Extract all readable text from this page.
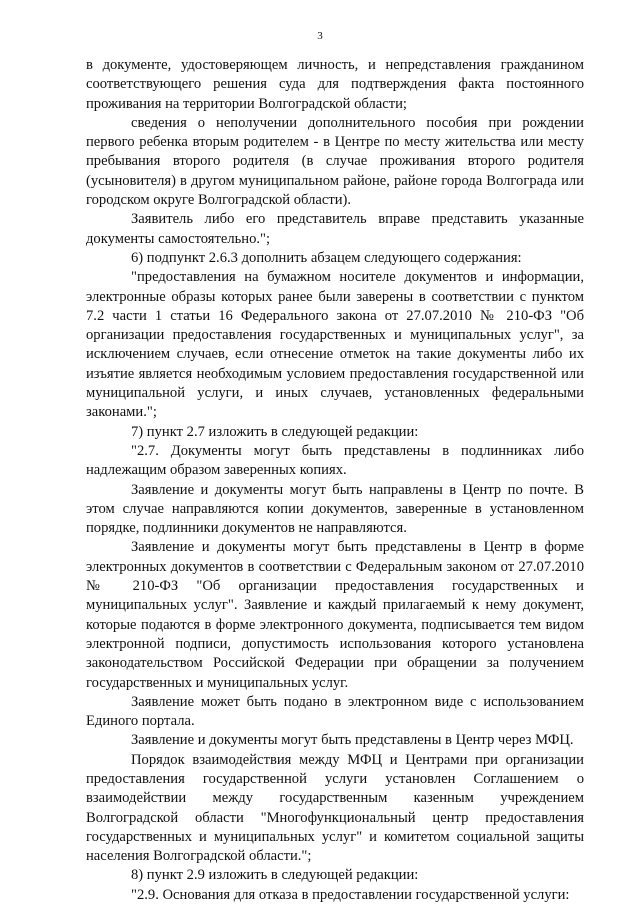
3

в документе, удостоверяющем личность, и непредставления гражданином соответствующего решения суда для подтверждения факта постоянного проживания на территории Волгоградской области;

сведения о неполучении дополнительного пособия при рождении первого ребенка вторым родителем - в Центре по месту жительства или месту пребывания второго родителя (в случае проживания второго родителя (усыновителя) в другом муниципальном районе, районе города Волгограда или городском округе Волгоградской области).

Заявитель либо его представитель вправе представить указанные документы самостоятельно.";

6) подпункт 2.6.3 дополнить абзацем следующего содержания:

"предоставления на бумажном носителе документов и информации, электронные образы которых ранее были заверены в соответствии с пунктом 7.2 части 1 статьи 16 Федерального закона от 27.07.2010 № 210-ФЗ "Об организации предоставления государственных и муниципальных услуг", за исключением случаев, если отнесение отметок на такие документы либо их изъятие является необходимым условием предоставления государственной или муниципальной услуги, и иных случаев, установленных федеральными законами.";

7) пункт 2.7 изложить в следующей редакции:

"2.7. Документы могут быть представлены в подлинниках либо надлежащим образом заверенных копиях.

Заявление и документы могут быть направлены в Центр по почте. В этом случае направляются копии документов, заверенные в установленном порядке, подлинники документов не направляются.

Заявление и документы могут быть представлены в Центр в форме электронных документов в соответствии с Федеральным законом от 27.07.2010 № 210-ФЗ "Об организации предоставления государственных и муниципальных услуг". Заявление и каждый прилагаемый к нему документ, которые подаются в форме электронного документа, подписывается тем видом электронной подписи, допустимость использования которого установлена законодательством Российской Федерации при обращении за получением государственных и муниципальных услуг.

Заявление может быть подано в электронном виде с использованием Единого портала.

Заявление и документы могут быть представлены в Центр через МФЦ.

Порядок взаимодействия между МФЦ и Центрами при организации предоставления государственной услуги установлен Соглашением о взаимодействии между государственным казенным учреждением Волгоградской области "Многофункциональный центр предоставления государственных и муниципальных услуг" и комитетом социальной защиты населения Волгоградской области.";

8) пункт 2.9 изложить в следующей редакции:

"2.9. Основания для отказа в предоставлении государственной услуги:
